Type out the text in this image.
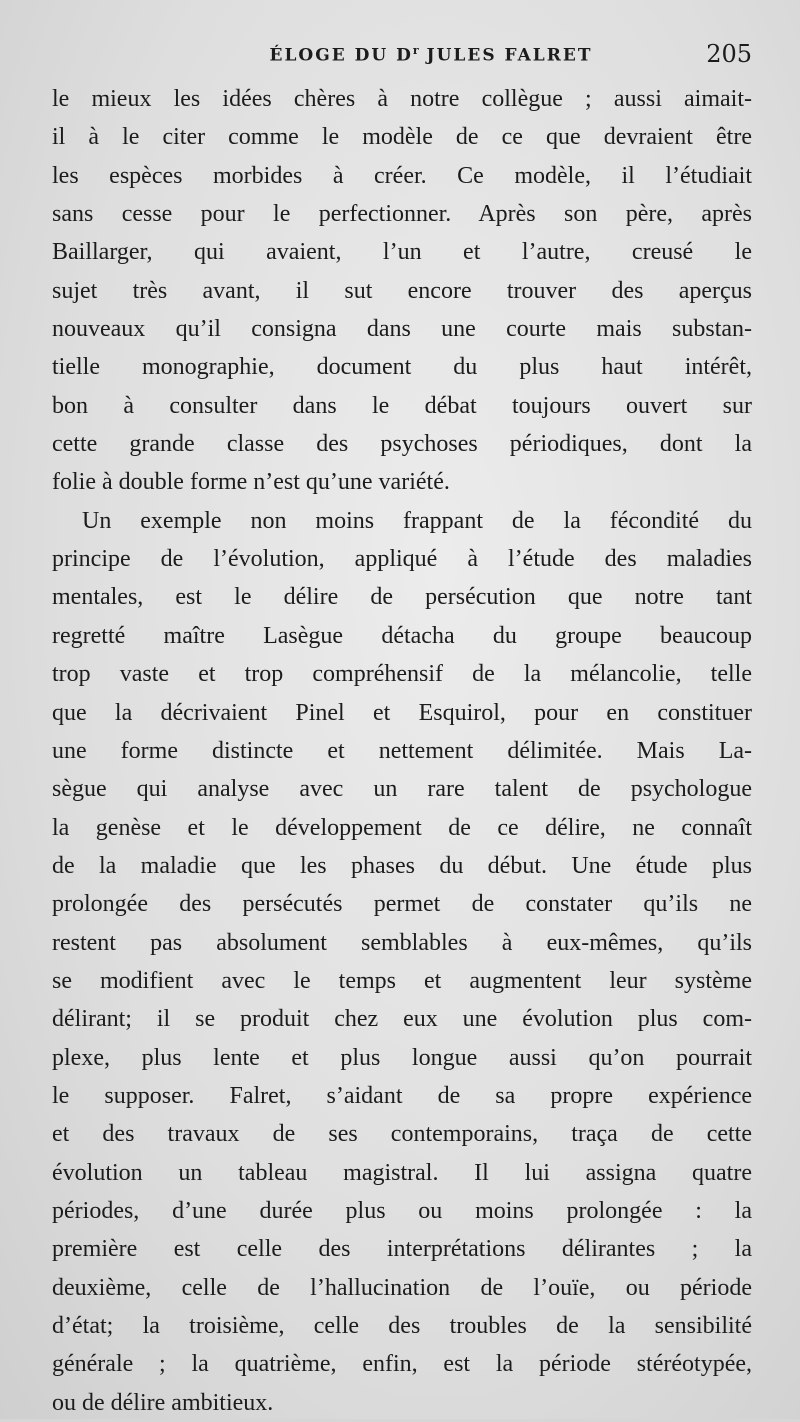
ÉLOGE DU $D^r$ JULES FALRET	205
le mieux les idées chères à notre collègue ; aussi aimait-
il à le citer comme le modèle de ce que devraient être
les espèces morbides à créer. Ce modèle, il l’étudiait
sans cesse pour le perfectionner. Après son père, après
Baillarger, qui avaient, l’un et l’autre, creusé le
sujet très avant, il sut encore trouver des aperçus
nouveaux qu’il consigna dans une courte mais substan-
tielle monographie, document du plus haut intérêt,
bon à consulter dans le débat toujours ouvert sur
cette grande classe des psychoses périodiques, dont la
folie à double forme n’est qu’une variété.
Un exemple non moins frappant de la fécondité du
principe de l’évolution, appliqué à l’étude des maladies
mentales, est le délire de persécution que notre tant
regretté maître Lasègue détacha du groupe beaucoup
trop vaste et trop compréhensif de la mélancolie, telle
que la décrivaient Pinel et Esquirol, pour en constituer
une forme distincte et nettement délimitée. Mais La-
sègue qui analyse avec un rare talent de psychologue
la genèse et le développement de ce délire, ne connaît
de la maladie que les phases du début. Une étude plus
prolongée des persécutés permet de constater qu’ils ne
restent pas absolument semblables à eux-mêmes, qu’ils
se modifient avec le temps et augmentent leur système
délirant; il se produit chez eux une évolution plus com-
plexe, plus lente et plus longue aussi qu’on pourrait
le supposer. Falret, s’aidant de sa propre expérience
et des travaux de ses contemporains, traça de cette
évolution un tableau magistral. Il lui assigna quatre
périodes, d’une durée plus ou moins prolongée : la
première est celle des interprétations délirantes ; la
deuxième, celle de l’hallucination de l’ouïe, ou période
d’état; la troisième, celle des troubles de la sensibilité
générale ; la quatrième, enfin, est la période stéréotypée,
ou de délire ambitieux.
